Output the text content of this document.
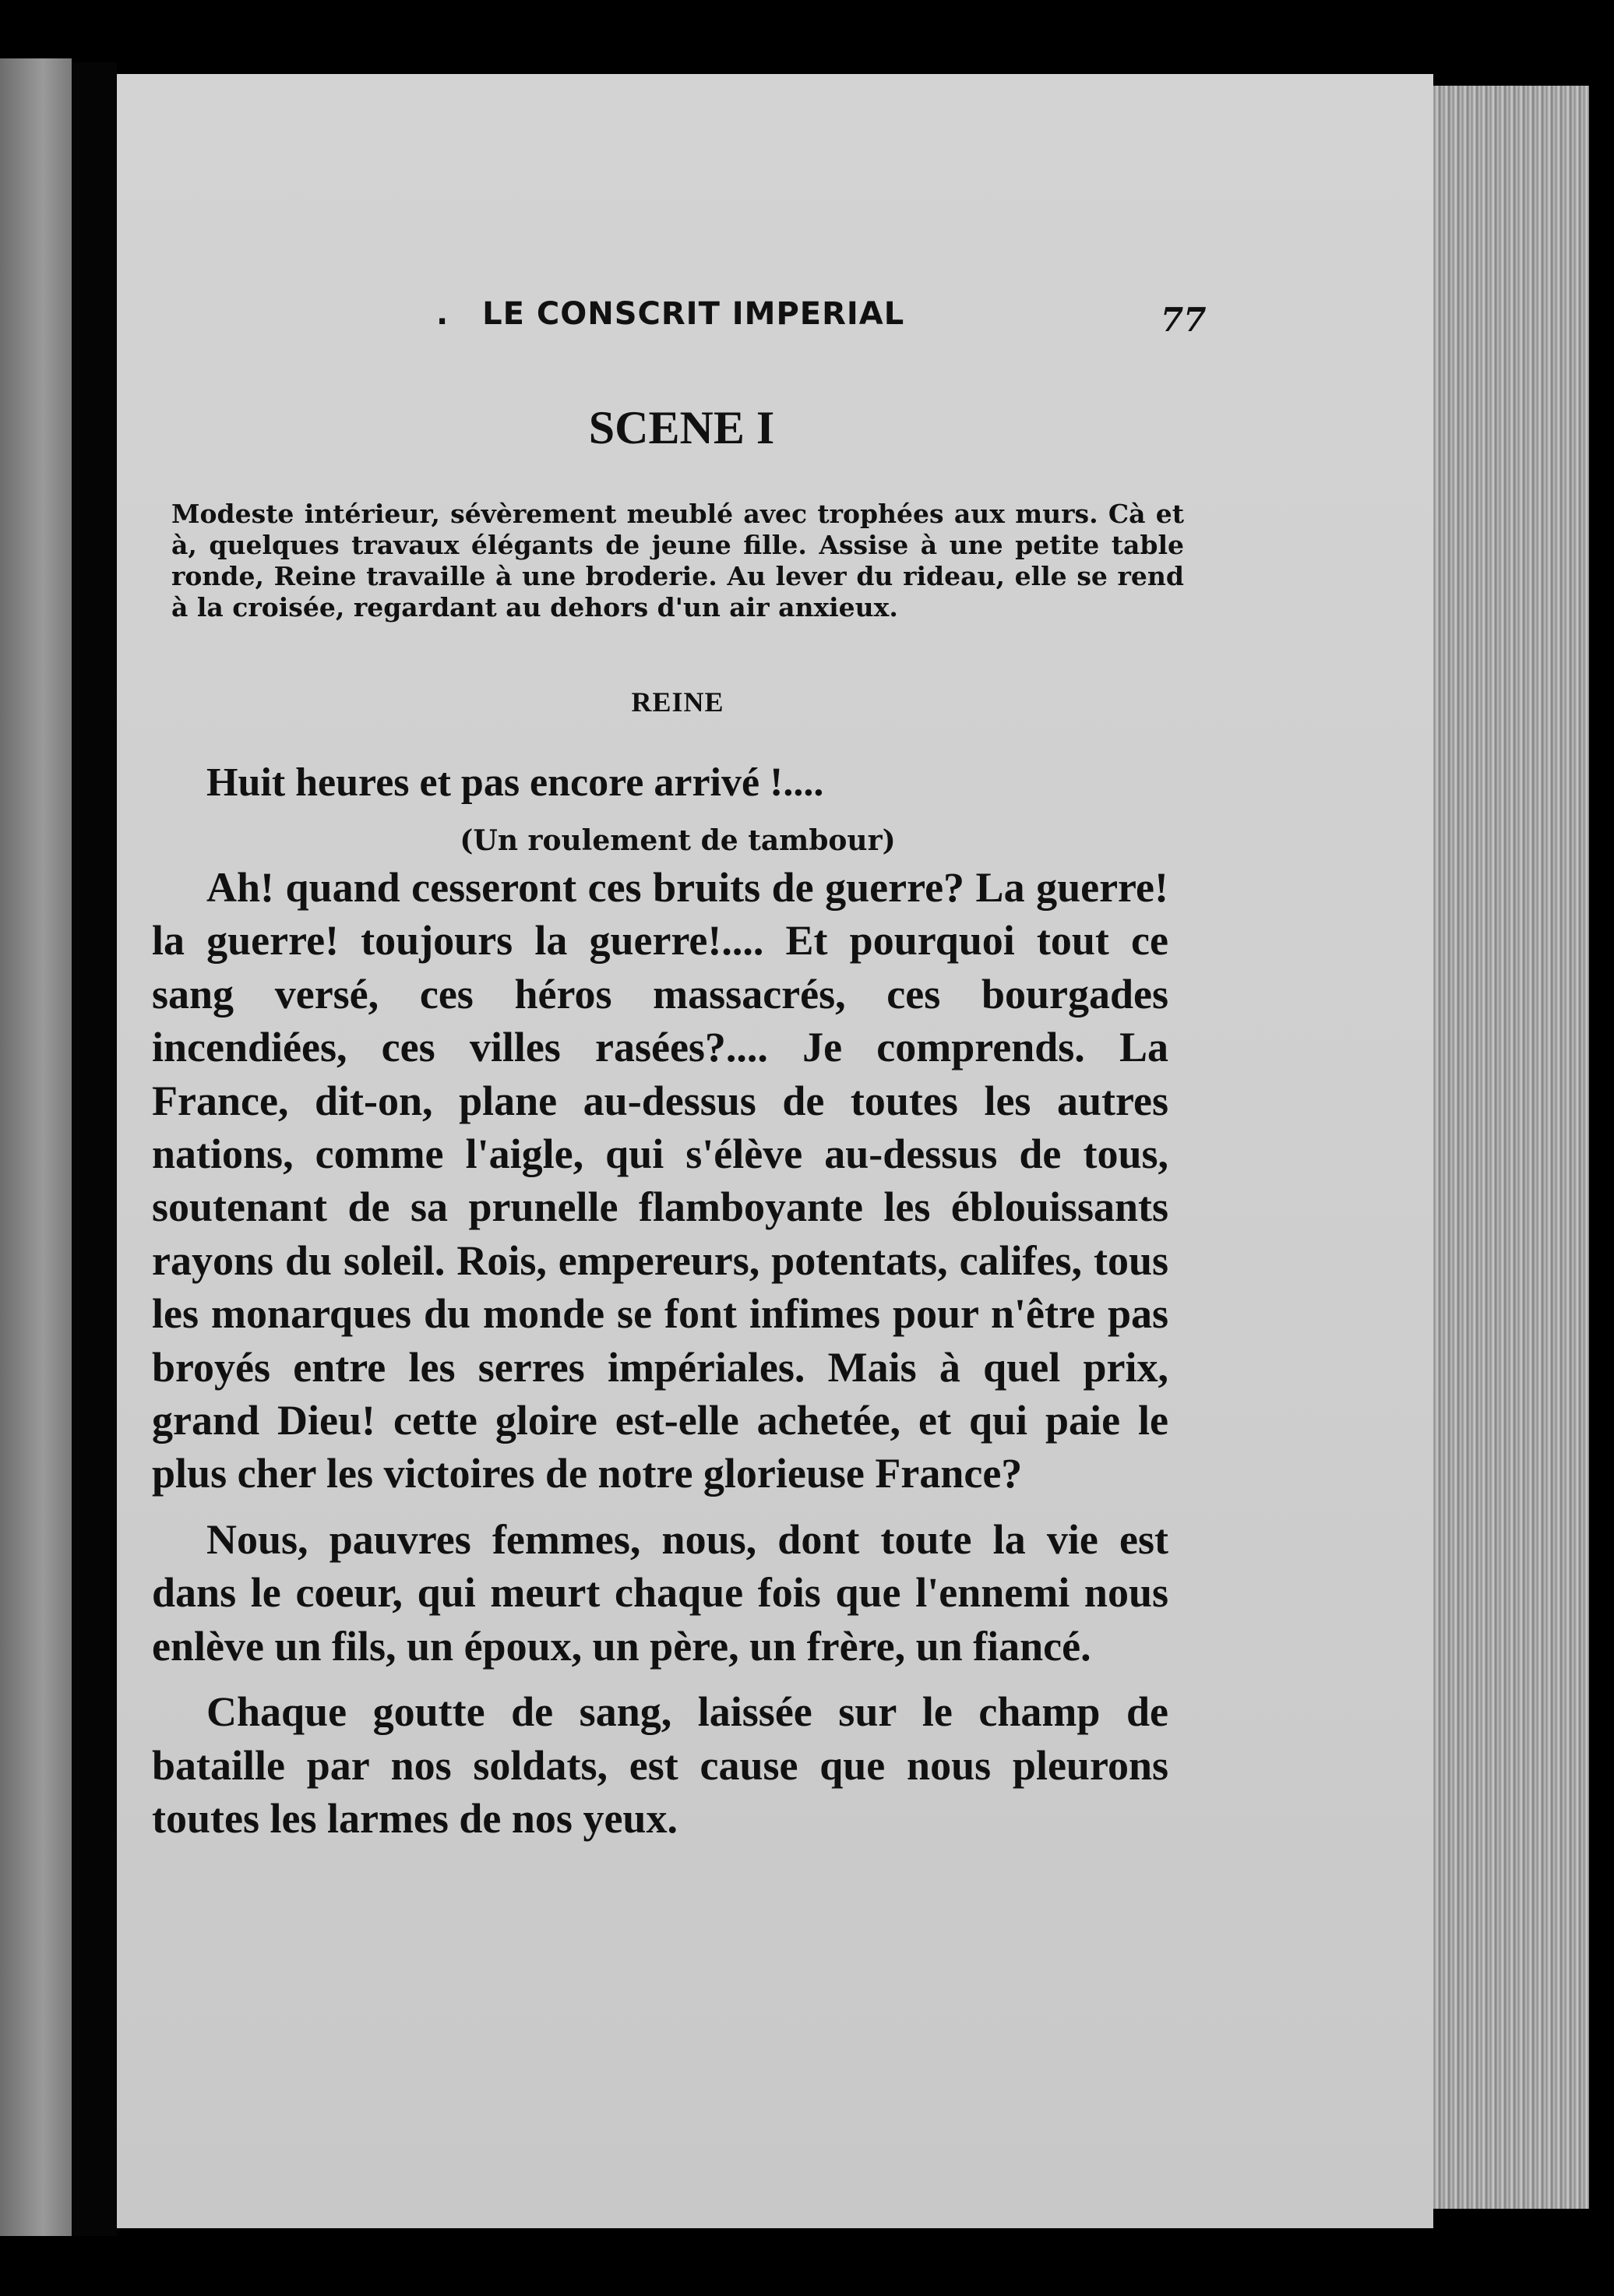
. LE CONSCRIT IMPERIAL	77
SCENE I
Modeste intérieur, sévèrement meublé avec trophées aux murs. Cà et à, quelques travaux élégants de jeune fille. Assise à une petite table ronde, Reine travaille à une broderie. Au lever du rideau, elle se rend à la croisée, regardant au dehors d'un air anxieux.
REINE
Huit heures et pas encore arrivé !....
(Un roulement de tambour)

Ah! quand cesseront ces bruits de guerre? La guerre! la guerre! toujours la guerre!.... Et pourquoi tout ce sang versé, ces héros massacrés, ces bourgades incendiées, ces villes rasées?.... Je comprends. La France, dit-on, plane au-dessus de toutes les autres nations, comme l'aigle, qui s'élève au-dessus de tous, soutenant de sa prunelle flamboyante les éblouissants rayons du soleil. Rois, empereurs, potentats, califes, tous les monarques du monde se font infimes pour n'être pas broyés entre les serres impériales. Mais à quel prix, grand Dieu! cette gloire est-elle achetée, et qui paie le plus cher les victoires de notre glorieuse France?

Nous, pauvres femmes, nous, dont toute la vie est dans le coeur, qui meurt chaque fois que l'ennemi nous enlève un fils, un époux, un père, un frère, un fiancé.

Chaque goutte de sang, laissée sur le champ de bataille par nos soldats, est cause que nous pleurons toutes les larmes de nos yeux.
